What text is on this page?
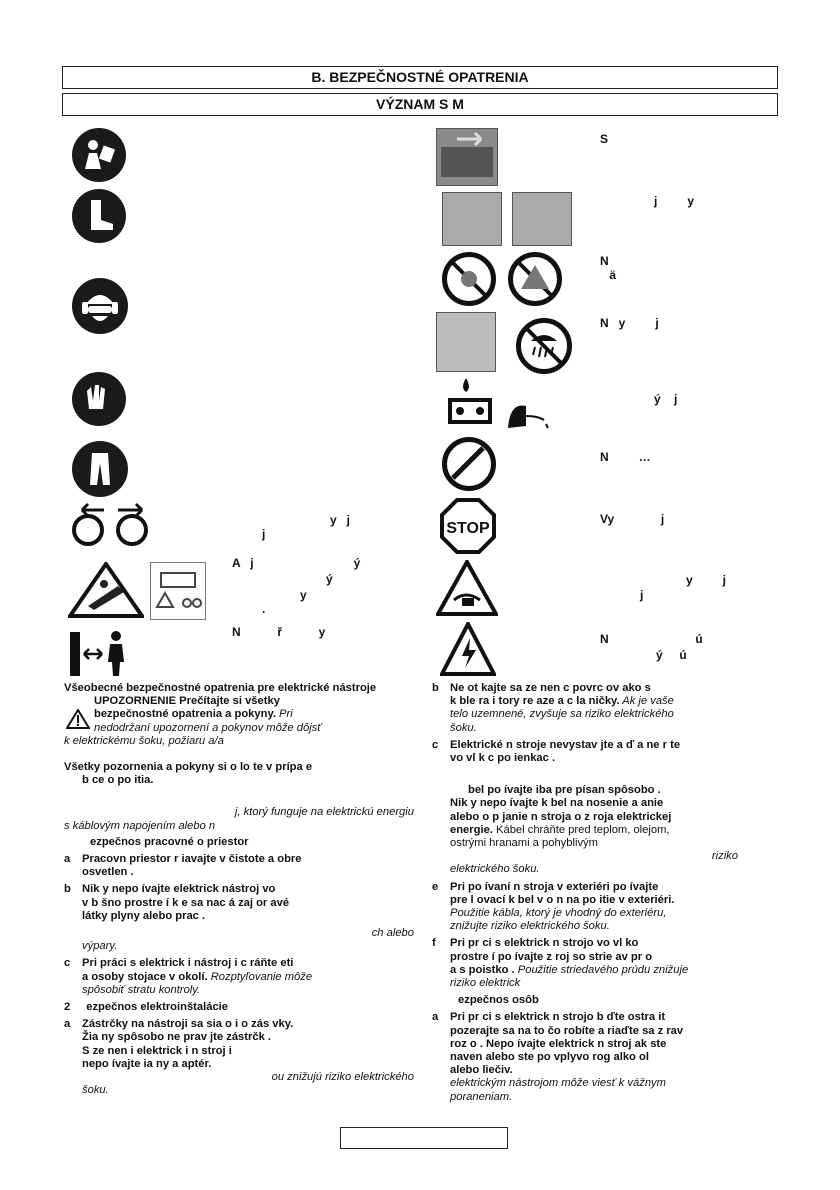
B. BEZPEČNOSTNÉ OPATRENIA
VÝZNAM S M
y   j
j
A   j                              ý
ý
y
.
N           ř           y
STOP
S
j         y
N
ä
N   y         j
ý    j
N         …
Vy              j
y         j
j
N                          ú
ý     ú

Všeobecné bezpečnostné opatrenia pre elektrické nástroje

UPOZORNENIE Prečítajte si všetky

bezpečnostné opatrenia a pokyny. Pri

nedodržaní upozornení a pokynov môže dôjsť

k elektrickému šoku, požiaru a/a

Všetky pozornenia a pokyny si o lo te v prípa e

b ce o po itia.

j, ktorý funguje na elektrickú energiu

s káblovým napojením alebo n

ezpečnos pracovné o priestor

a Pracovn priestor r iavajte v čistote a obre

osvetlen .

b Nik y nepo ívajte elektrick nástroj vo

v b šno prostre í k e sa nac á zaj or avé

látky plyny alebo prac .

ch alebo

výpary.

c Pri práci s elektrick i nástroj i c ráňte eti

a osoby stojace v okolí. Rozptyľovanie môže

spôsobiť stratu kontroly.

2 ezpečnos elektroinštalácie

a Zástrčky na nástroji sa sia o i o zás vky.

Žia ny spôsobo ne prav jte zástrčk .

S ze nen i elektrick i n stroj i

nepo ívajte ia ny a aptér.

ou znižujú riziko elektrického

šoku.

b Ne ot kajte sa ze nen c povrc ov ako s

k ble ra i tory re aze a c la ničky. Ak je vaše

telo uzemnené, zvyšuje sa riziko elektrického

šoku.

c Elektrické n stroje nevystav jte a ď a ne r te

vo vl k c po ienkac .

bel po ívajte iba pre písan spôsobo .

Nik y nepo ívajte k bel na nosenie a anie

alebo o p janie n stroja o z roja elektrickej

energie. Kábel chráňte pred teplom, olejom,

ostrými hranami a pohyblivým

riziko

elektrického šoku.

e Pri po ívaní n stroja v exteriéri po ívajte

pre l ovací k bel v o n na po itie v exteriéri.

Použitie kábla, ktorý je vhodný do exteriéru,

znižujte riziko elektrického šoku.

f Pri pr ci s elektrick n strojo vo vl ko

prostre í po ívajte z roj so strie av pr o

a s poistko . Použitie striedavého prúdu znižuje

riziko elektrick

ezpečnos osôb

a Pri pr ci s elektrick n strojo b ďte ostra it

pozerajte sa na to čo robíte a riaďte sa z rav

roz o . Nepo ívajte elektrick n stroj ak ste

naven alebo ste po vplyvo rog alko ol

alebo liečiv.

elektrickým nástrojom môže viesť k vážnym

poraneniam.
